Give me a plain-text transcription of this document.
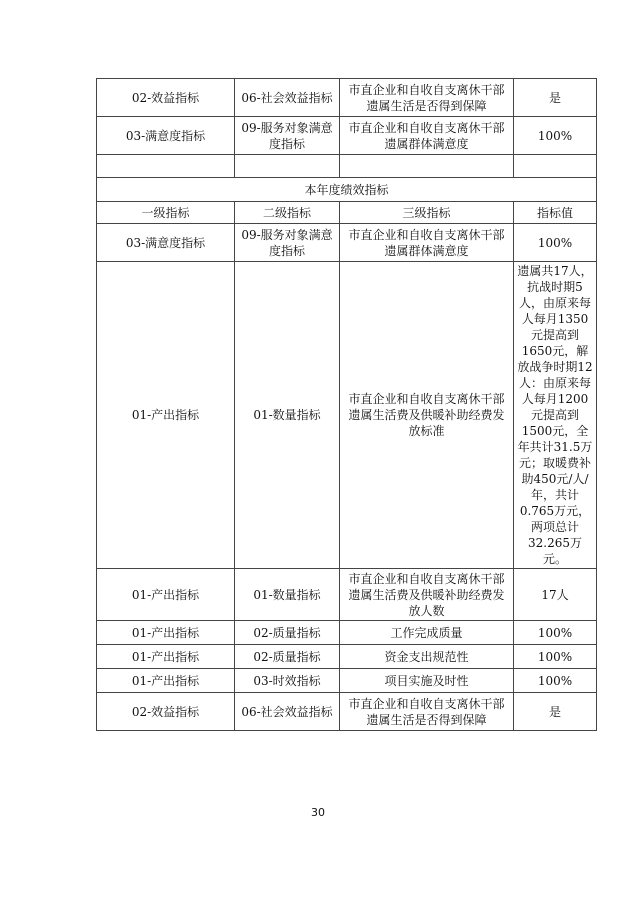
02-效益指标	06-社会效益指标	市直企业和自收自支离休干部遗属生活是否得到保障	是
03-满意度指标	09-服务对象满意度指标	市直企业和自收自支离休干部遗属群体满意度	100%

本年度绩效指标			
一级指标	二级指标	三级指标	指标值
03-满意度指标	09-服务对象满意度指标	市直企业和自收自支离休干部遗属群体满意度	100%
01-产出指标	01-数量指标	市直企业和自收自支离休干部遗属生活费及供暖补助经费发放标准	遗属共17人，抗战时期5人，由原来每人每月1350元提高到1650元，解放战争时期12人：由原来每人每月1200元提高到1500元，全年共计31.5万元；取暖费补助450元/人/年，共计0.765万元，两项总计32.265万元。
01-产出指标	01-数量指标	市直企业和自收自支离休干部遗属生活费及供暖补助经费发放人数	17人
01-产出指标	02-质量指标	工作完成质量	100%
01-产出指标	02-质量指标	资金支出规范性	100%
01-产出指标	03-时效指标	项目实施及时性	100%
02-效益指标	06-社会效益指标	市直企业和自收自支离休干部遗属生活是否得到保障	是
30
